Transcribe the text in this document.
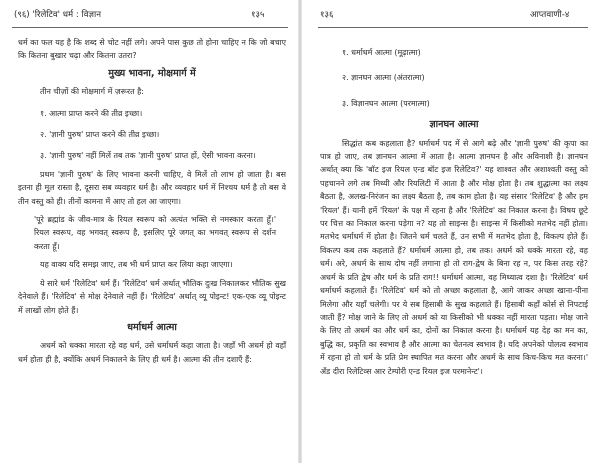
(९६) 'रिलेटिव' धर्म : विज्ञान	१३५

धर्म का फल यह है कि शब्द से चोट नहीं लगे। अपने पास कुछ तो होना चाहिए न कि जो बचाए कि कितना बुखार चढ़ा और कितना उतरा?

मुख्य भावना, मोक्षमार्ग में

तीन चीज़ों की मोक्षमार्ग में ज़रूरत है:

१. आत्मा प्राप्त करने की तीव्र इच्छा।

२. 'ज्ञानी पुरुष' प्राप्त करने की तीव्र इच्छा।

३. 'ज्ञानी पुरुष' नहीं मिलें तब तक 'ज्ञानी पुरुष' प्राप्त हों, ऐसी भावना करना।

प्रथम 'ज्ञानी पुरुष' के लिए भावना करनी चाहिए, वे मिलें तो लाभ हो जाता है। बस इतना ही मूल रास्ता है, दूसरा सब व्यवहार धर्म है। और व्यवहार धर्म में निश्चय धर्म है तो बस वे तीन वस्तु को ही। तीनों कामना में आए तो हल आ जाएगा।

'पूरे ब्रह्मांड के जीव-मात्र के रियल स्वरूप को अत्यंत भक्ति से नमस्कार करता हूँ।' रियल स्वरूप, वह भगवत् स्वरूप है, इसलिए पूरे जगत् का भगवत् स्वरूप से दर्शन करता हूँ।

यह वाक्य यदि समझ जाए, तब भी धर्म प्राप्त कर लिया कहा जाएगा।

ये सारे धर्म 'रिलेटिव' धर्म हैं। 'रिलेटिव' धर्म अर्थात् भौतिक दुःख निकालकर भौतिक सुख देनेवाले हैं। 'रिलेटिव' से मोक्ष देनेवाले नहीं हैं। 'रिलेटिव' अर्थात् व्यू पोइन्ट! एक-एक व्यू पोइन्ट में लाखों लोग होते हैं।

धर्माधर्म आत्मा

अधर्म को धक्का मारता रहे वह धर्म, उसे धर्माधर्म कहा जाता है। जहाँ भी अधर्म हो वहाँ धर्म होता ही है, क्योंकि अधर्म निकालने के लिए ही धर्म है। आत्मा की तीन दशाएँ हैं:

१३६	आप्तवाणी-४

१. धर्माधर्म आत्मा (मूढ़ात्मा)

२. ज्ञानघन आत्मा (अंतरात्मा)

३. विज्ञानघन आत्मा (परमात्मा)

ज्ञानघन आत्मा

सिद्धांत कब कहलाता है? धर्माधर्म पद में से आगे बढ़े और 'ज्ञानी पुरुष' की कृपा का पात्र हो जाए, तब ज्ञानघन आत्मा में आता है। आत्मा ज्ञानघन है और अविनाशी है। ज्ञानघन अर्थात् क्या कि 'बॉट इज रियल एन्ड बॉट इज रिलेटिव?' यह शाश्वत और अशाश्वती वस्तु को पहचानने लगे तब मिथ्यी और रियलिटी में आता है और मोक्ष होता है। तब शुद्धात्मा का लक्ष्य बैठता है, अलख-निरंजन का लक्ष्य बैठता है, तब काम होता है। यह संसार 'रिलेटिव' है और हम 'रियल' हैं। यानी हमें 'रियल' के पक्ष में रहना है और 'रिलेटिव' का निकाल करना है। विषय छूटे पर चित्त का निकाल करना पड़ेगा न? यह तो साइन्स है। साइन्स में किसीको मतभेद नहीं होता। मतभेद धर्माधर्म में होता है। जितने धर्म चलते हैं, उन सभी में मतभेद होता है, विकल्प होते हैं। विकल्प कब तक कहलाते हैं? धर्माधर्म आत्मा हो, तब तक। अधर्म को धक्के मारता रहे, वह धर्म। अरे, अधर्म के साथ दोष नहीं लगाना हो तो राग-द्वेष के बिना रह न, पर किस तरह रहे? अधर्म के प्रति द्वेष और धर्म के प्रति राग!! धर्माधर्म आत्मा, वह मिथ्यात्व दशा है। 'रिलेटिव' धर्म धर्माधर्म कहलाते हैं। 'रिलेटिव' धर्म को तो अच्छा कहलाता है, आगे जाकर अच्छा खाना-पीना मिलेगा और यहाँ चलेगी। पर ये सब हिसाबी के सुख कहलाते हैं। हिसाबी कहाँ कोर्स से निपटाई जाती हैं? मोक्ष जाने के लिए तो अधर्म को या किसीको भी धक्का नहीं मारता पड़ता। मोक्ष जाने के लिए तो अधर्म का और धर्म का, दोनों का निकाल करना है। धर्माधर्म यह देह का मन का, बुद्धि का, प्रकृति का स्वभाव है और आत्मा का चेतनत्व स्वभाव है। यदि अपनेको पोलत्व स्वभाव में रहना हो तो धर्म के प्रति प्रेम स्थापित मत करना और अधर्म के साथ किच-किच मत करना।' अँड दीरा रिलेटिव्स आर टेम्पोरी एन्ड रियल इज परमानेन्ट'।
